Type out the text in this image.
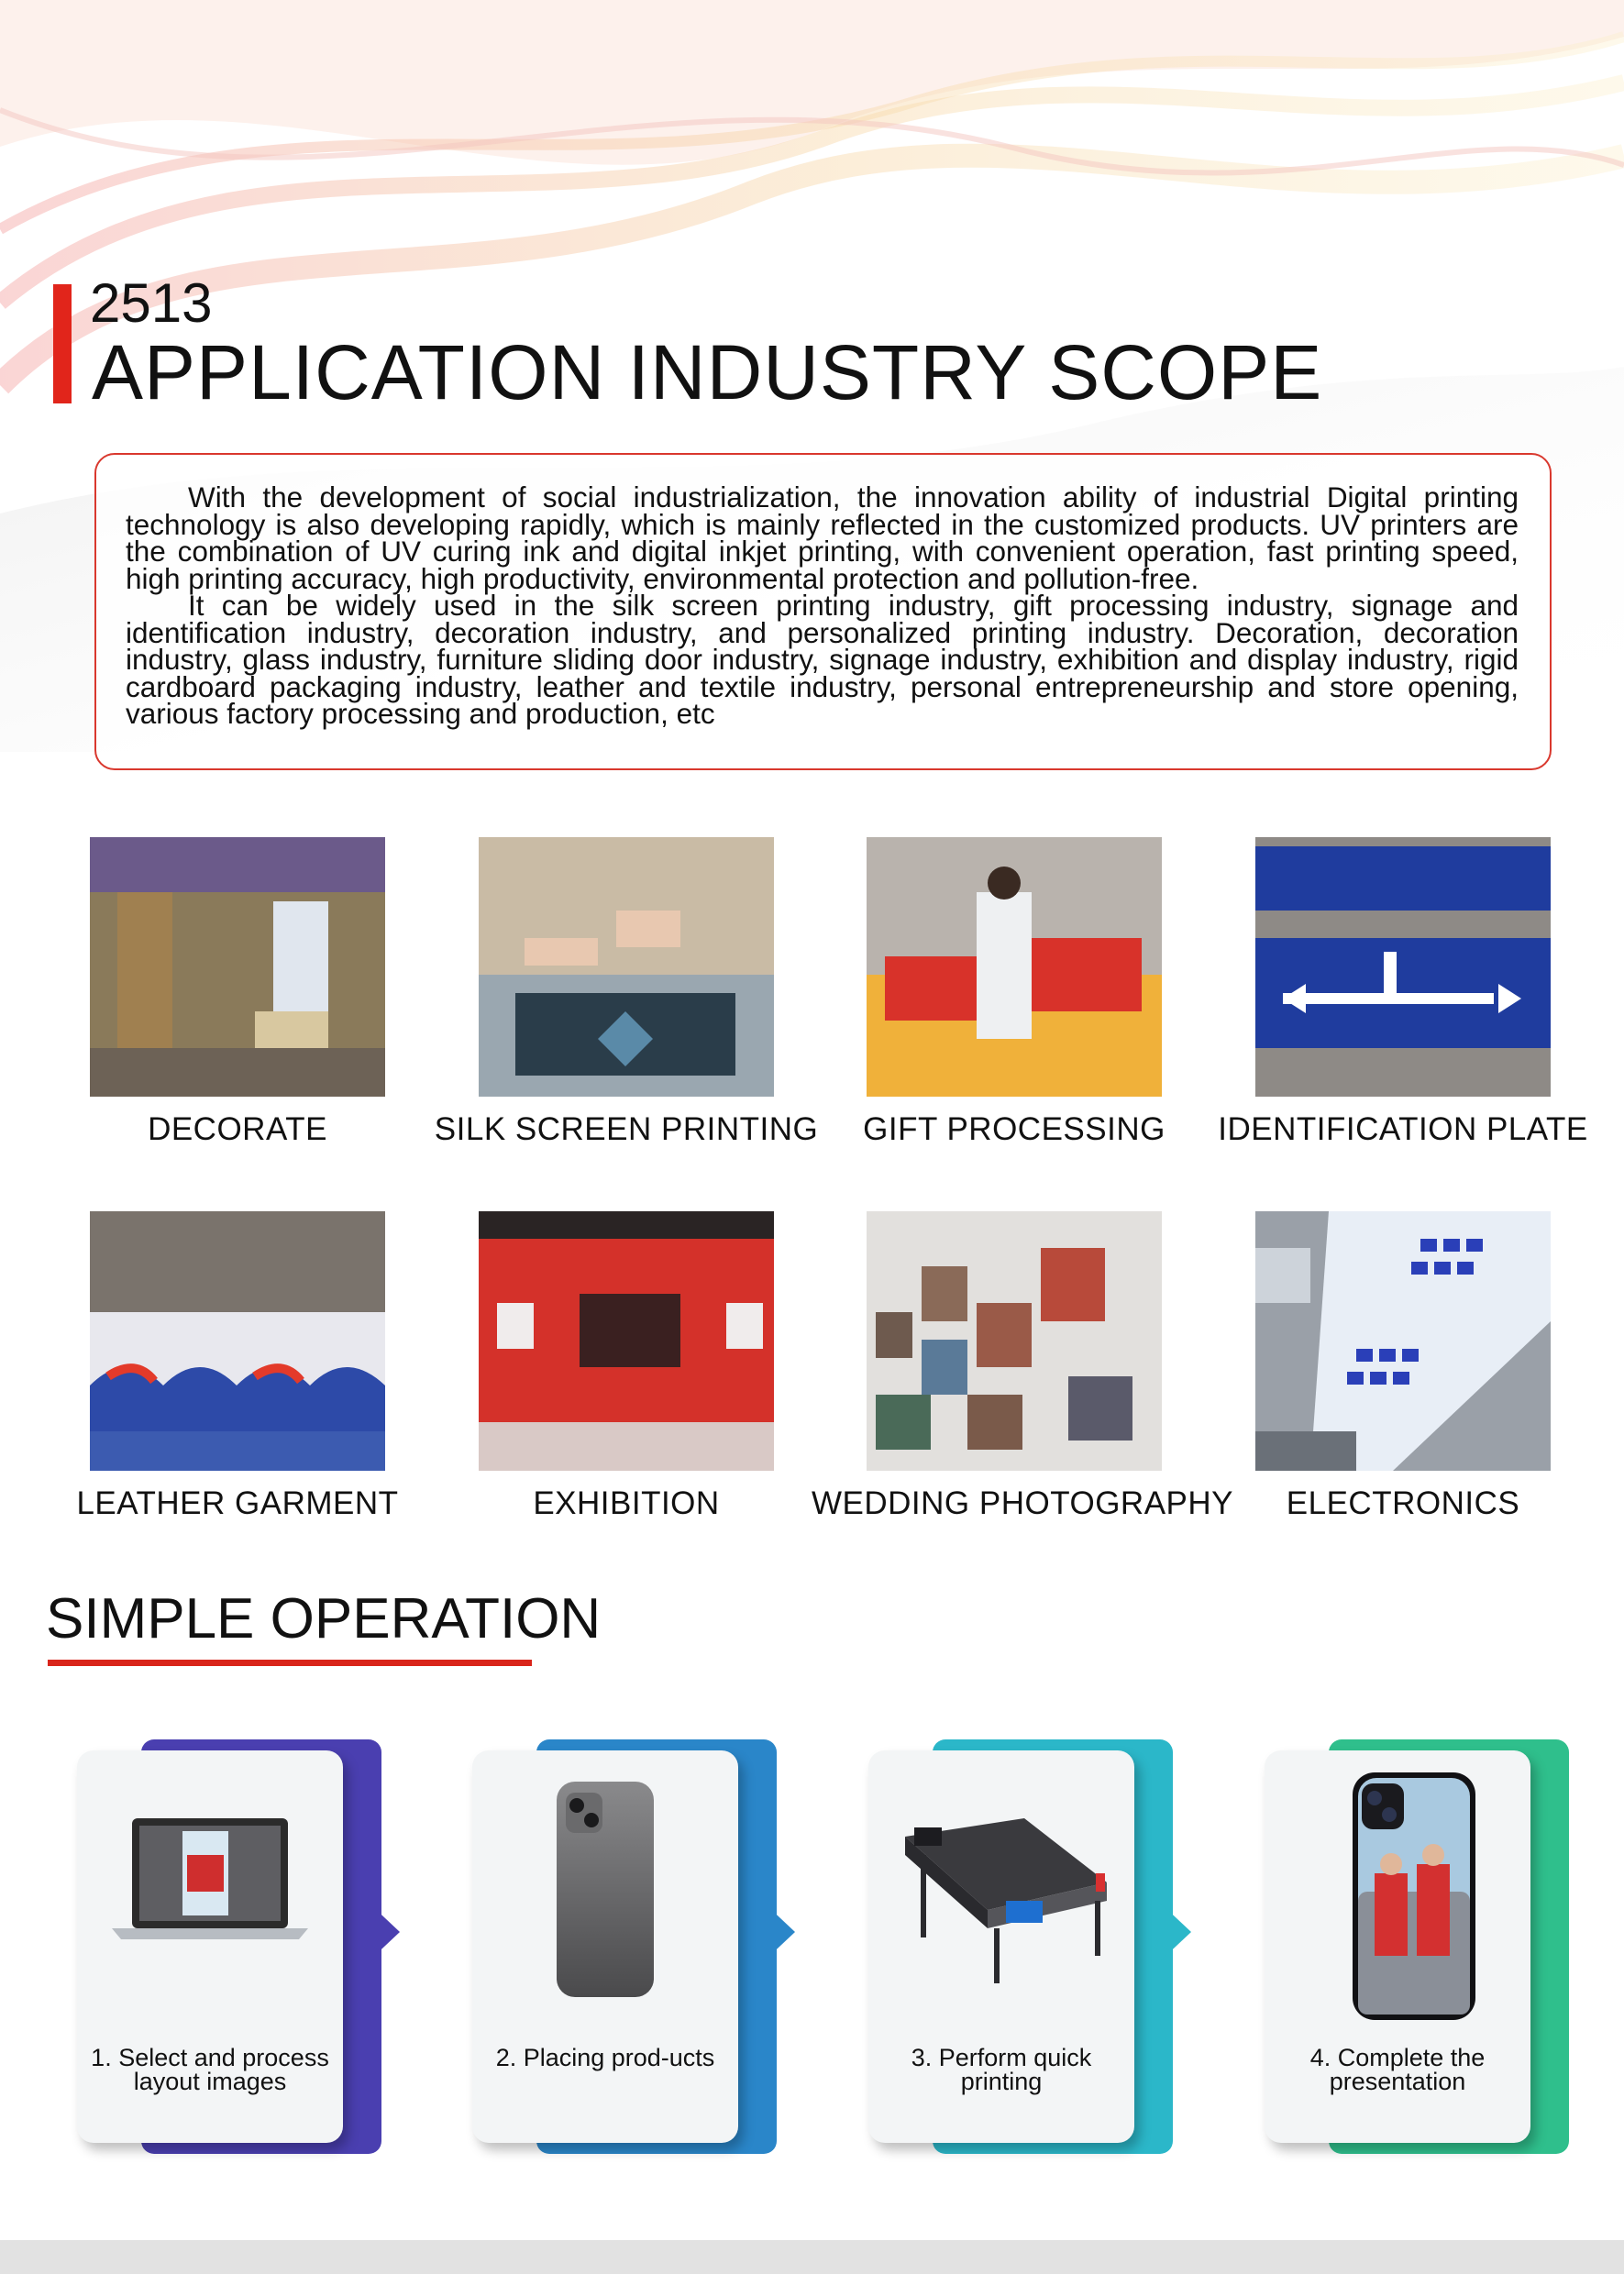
2513
APPLICATION INDUSTRY SCOPE

With the development of social industrialization, the innovation ability of industrial Digital printing technology is also developing rapidly, which is mainly reflected in the customized products. UV printers are the combination of UV curing ink and digital inkjet printing, with convenient operation, fast printing speed, high printing accuracy, high productivity, environmental protection and pollution-free.

It can be widely used in the silk screen printing industry, gift processing industry, signage and identification industry, decoration industry, and personalized printing industry. Decoration, decoration industry, glass industry, furniture sliding door industry, signage industry, exhibition and display industry, rigid cardboard packaging industry, leather and textile industry, personal entrepreneurship and store opening, various factory processing and production, etc

DECORATE	SILK SCREEN PRINTING	GIFT PROCESSING	IDENTIFICATION PLATE
LEATHER GARMENT	EXHIBITION	WEDDING PHOTOGRAPHY	ELECTRONICS
SIMPLE OPERATION
1. Select and process layout images
2. Placing prod-ucts	3. Perform quick printing
4. Complete the presentation
